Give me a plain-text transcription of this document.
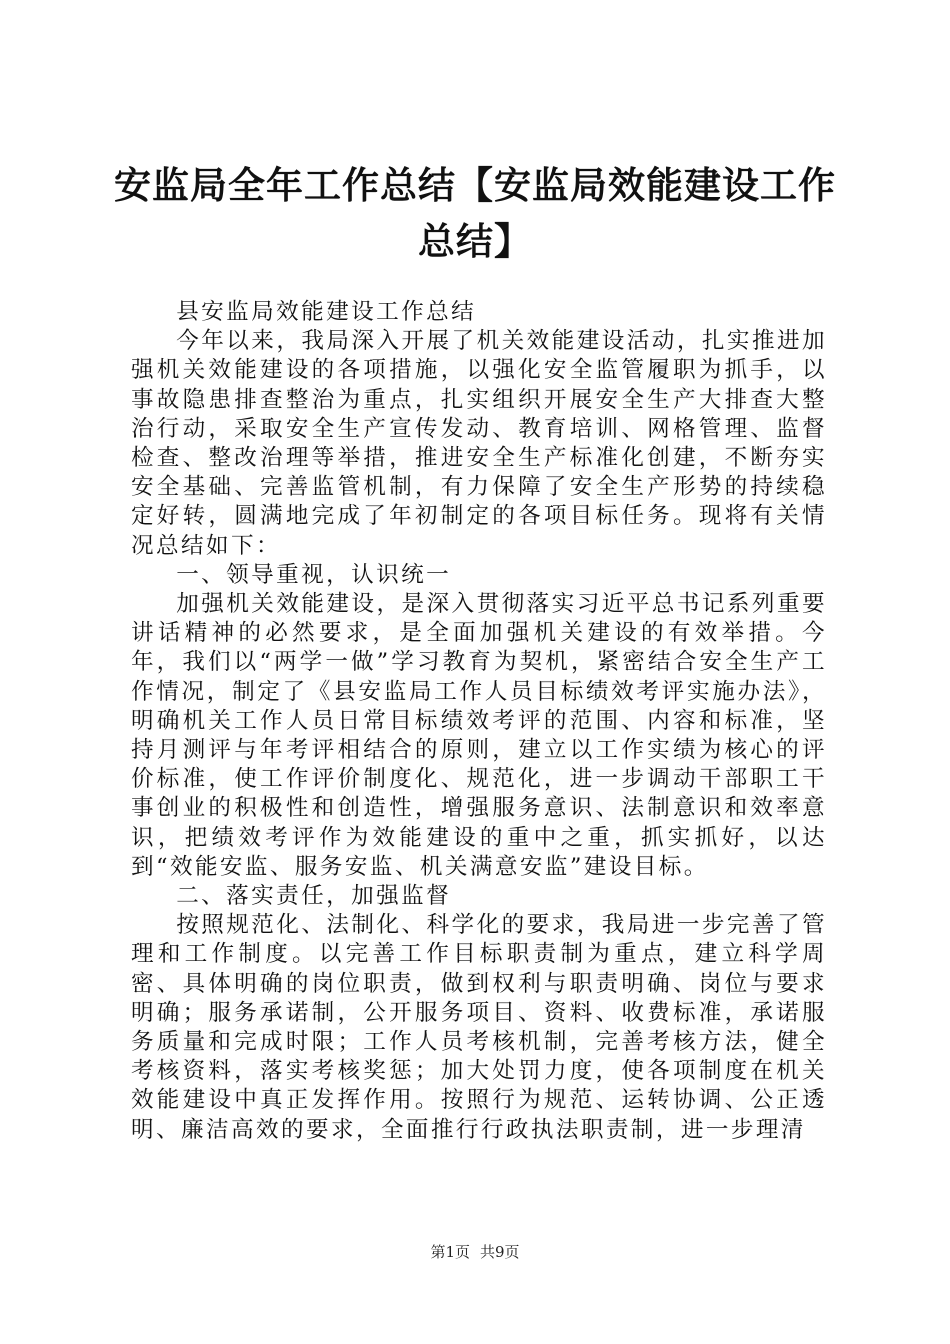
安监局全年工作总结【安监局效能建设工作总结】

县安监局效能建设工作总结

今年以来，我局深入开展了机关效能建设活动，扎实推进加强机关效能建设的各项措施，以强化安全监管履职为抓手，以事故隐患排查整治为重点，扎实组织开展安全生产大排查大整治行动，采取安全生产宣传发动、教育培训、网格管理、监督检查、整改治理等举措，推进安全生产标准化创建，不断夯实安全基础、完善监管机制，有力保障了安全生产形势的持续稳定好转，圆满地完成了年初制定的各项目标任务。现将有关情况总结如下：

一、领导重视，认识统一

加强机关效能建设，是深入贯彻落实习近平总书记系列重要讲话精神的必然要求，是全面加强机关建设的有效举措。今年，我们以“两学一做”学习教育为契机，紧密结合安全生产工作情况，制定了《县安监局工作人员目标绩效考评实施办法》，明确机关工作人员日常目标绩效考评的范围、内容和标准，坚持月测评与年考评相结合的原则，建立以工作实绩为核心的评价标准，使工作评价制度化、规范化，进一步调动干部职工干事创业的积极性和创造性，增强服务意识、法制意识和效率意识，把绩效考评作为效能建设的重中之重，抓实抓好，以达到“效能安监、服务安监、机关满意安监”建设目标。

二、落实责任，加强监督

按照规范化、法制化、科学化的要求，我局进一步完善了管理和工作制度。以完善工作目标职责制为重点，建立科学周密、具体明确的岗位职责，做到权利与职责明确、岗位与要求明确；服务承诺制，公开服务项目、资料、收费标准，承诺服务质量和完成时限；工作人员考核机制，完善考核方法，健全考核资料，落实考核奖惩；加大处罚力度，使各项制度在机关效能建设中真正发挥作用。按照行为规范、运转协调、公正透明、廉洁高效的要求，全面推行行政执法职责制，进一步理清

第1页 共9页
